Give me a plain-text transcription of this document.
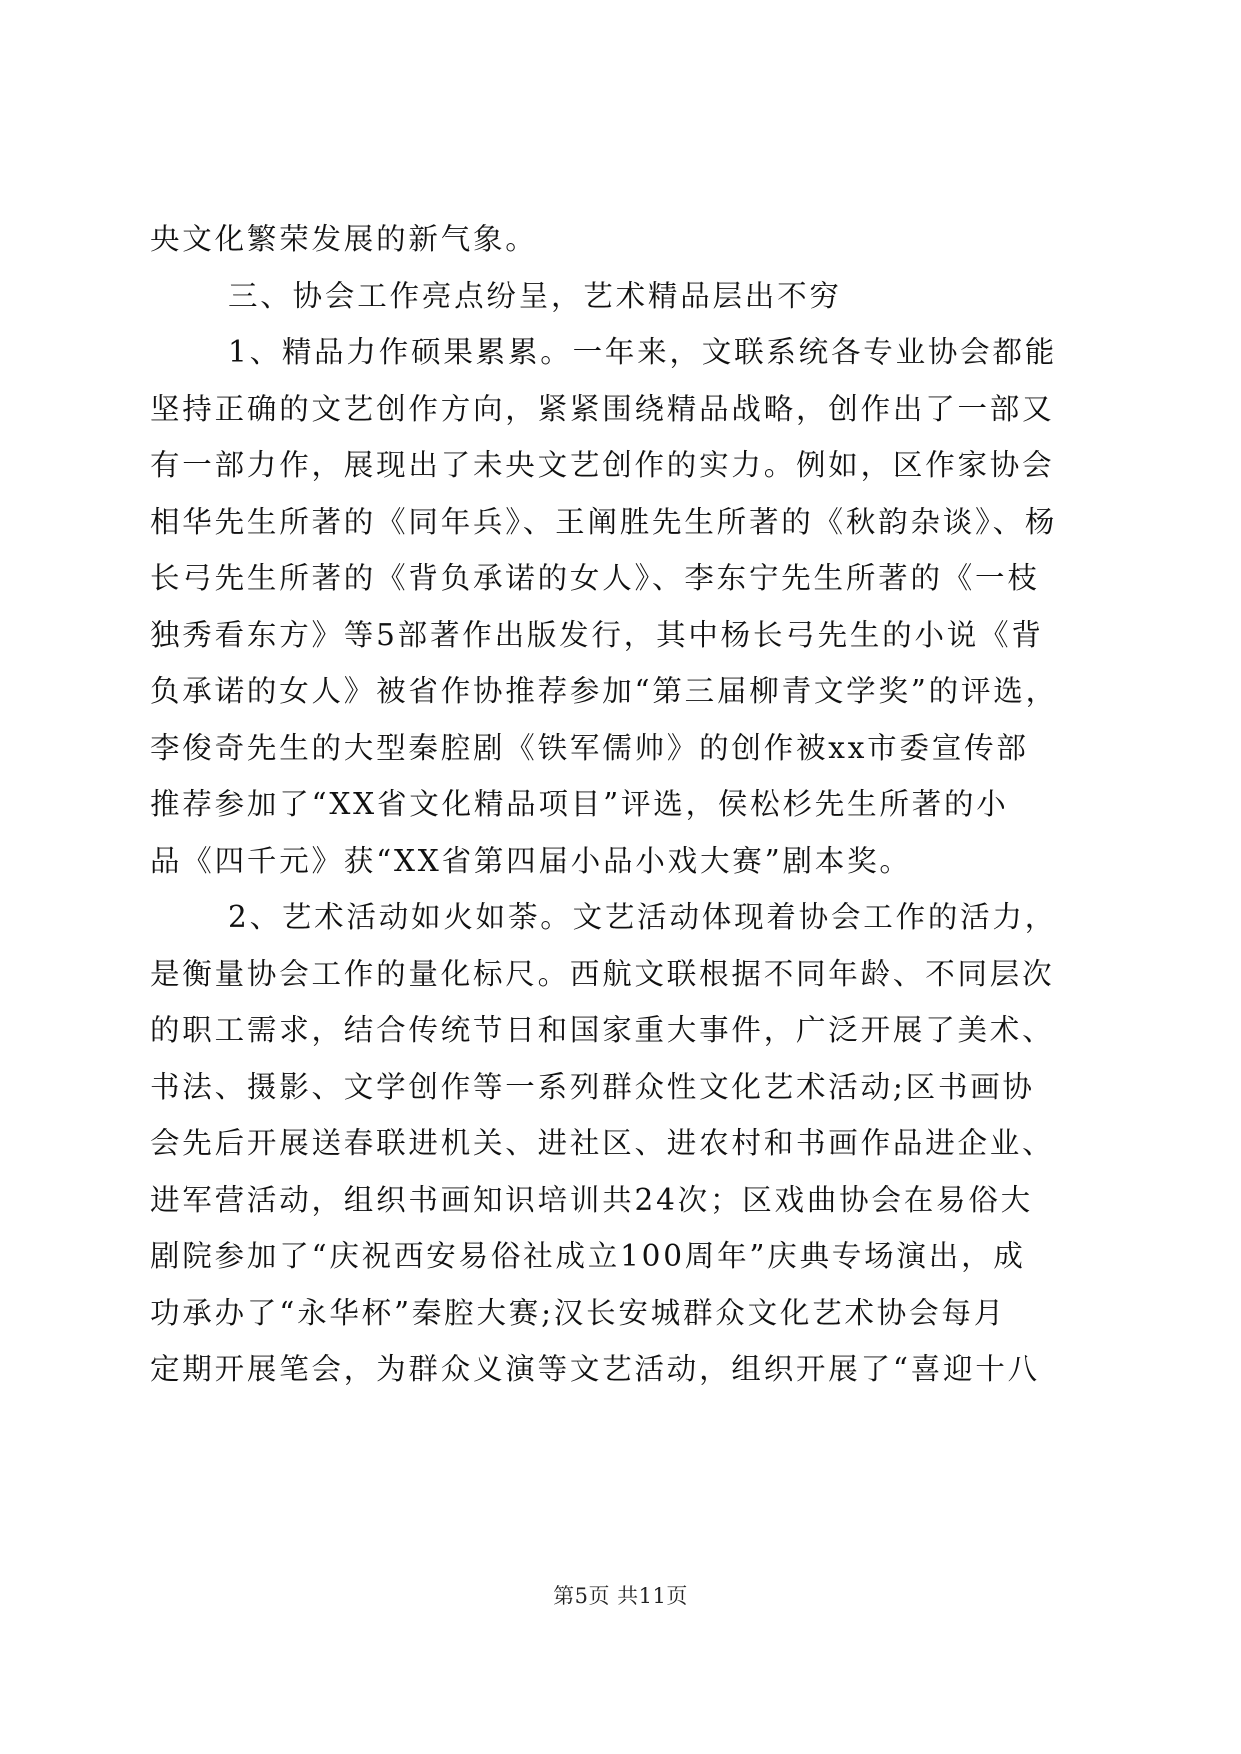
央文化繁荣发展的新气象。
三、协会工作亮点纷呈，艺术精品层出不穷
1、精品力作硕果累累。一年来，文联系统各专业协会都能
坚持正确的文艺创作方向，紧紧围绕精品战略，创作出了一部又
有一部力作，展现出了未央文艺创作的实力。例如，区作家协会
相华先生所著的《同年兵》、王阐胜先生所著的《秋韵杂谈》、杨
长弓先生所著的《背负承诺的女人》、李东宁先生所著的《一枝
独秀看东方》等5部著作出版发行，其中杨长弓先生的小说《背
负承诺的女人》被省作协推荐参加“第三届柳青文学奖”的评选，
李俊奇先生的大型秦腔剧《铁军儒帅》的创作被xx市委宣传部
推荐参加了“XX省文化精品项目”评选，侯松杉先生所著的小
品《四千元》获“XX省第四届小品小戏大赛”剧本奖。
2、艺术活动如火如荼。文艺活动体现着协会工作的活力，
是衡量协会工作的量化标尺。西航文联根据不同年龄、不同层次
的职工需求，结合传统节日和国家重大事件，广泛开展了美术、
书法、摄影、文学创作等一系列群众性文化艺术活动;区书画协
会先后开展送春联进机关、进社区、进农村和书画作品进企业、
进军营活动，组织书画知识培训共24次；区戏曲协会在易俗大
剧院参加了“庆祝西安易俗社成立100周年”庆典专场演出，成
功承办了“永华杯”秦腔大赛;汉长安城群众文化艺术协会每月
定期开展笔会，为群众义演等文艺活动，组织开展了“喜迎十八
第5页 共11页
